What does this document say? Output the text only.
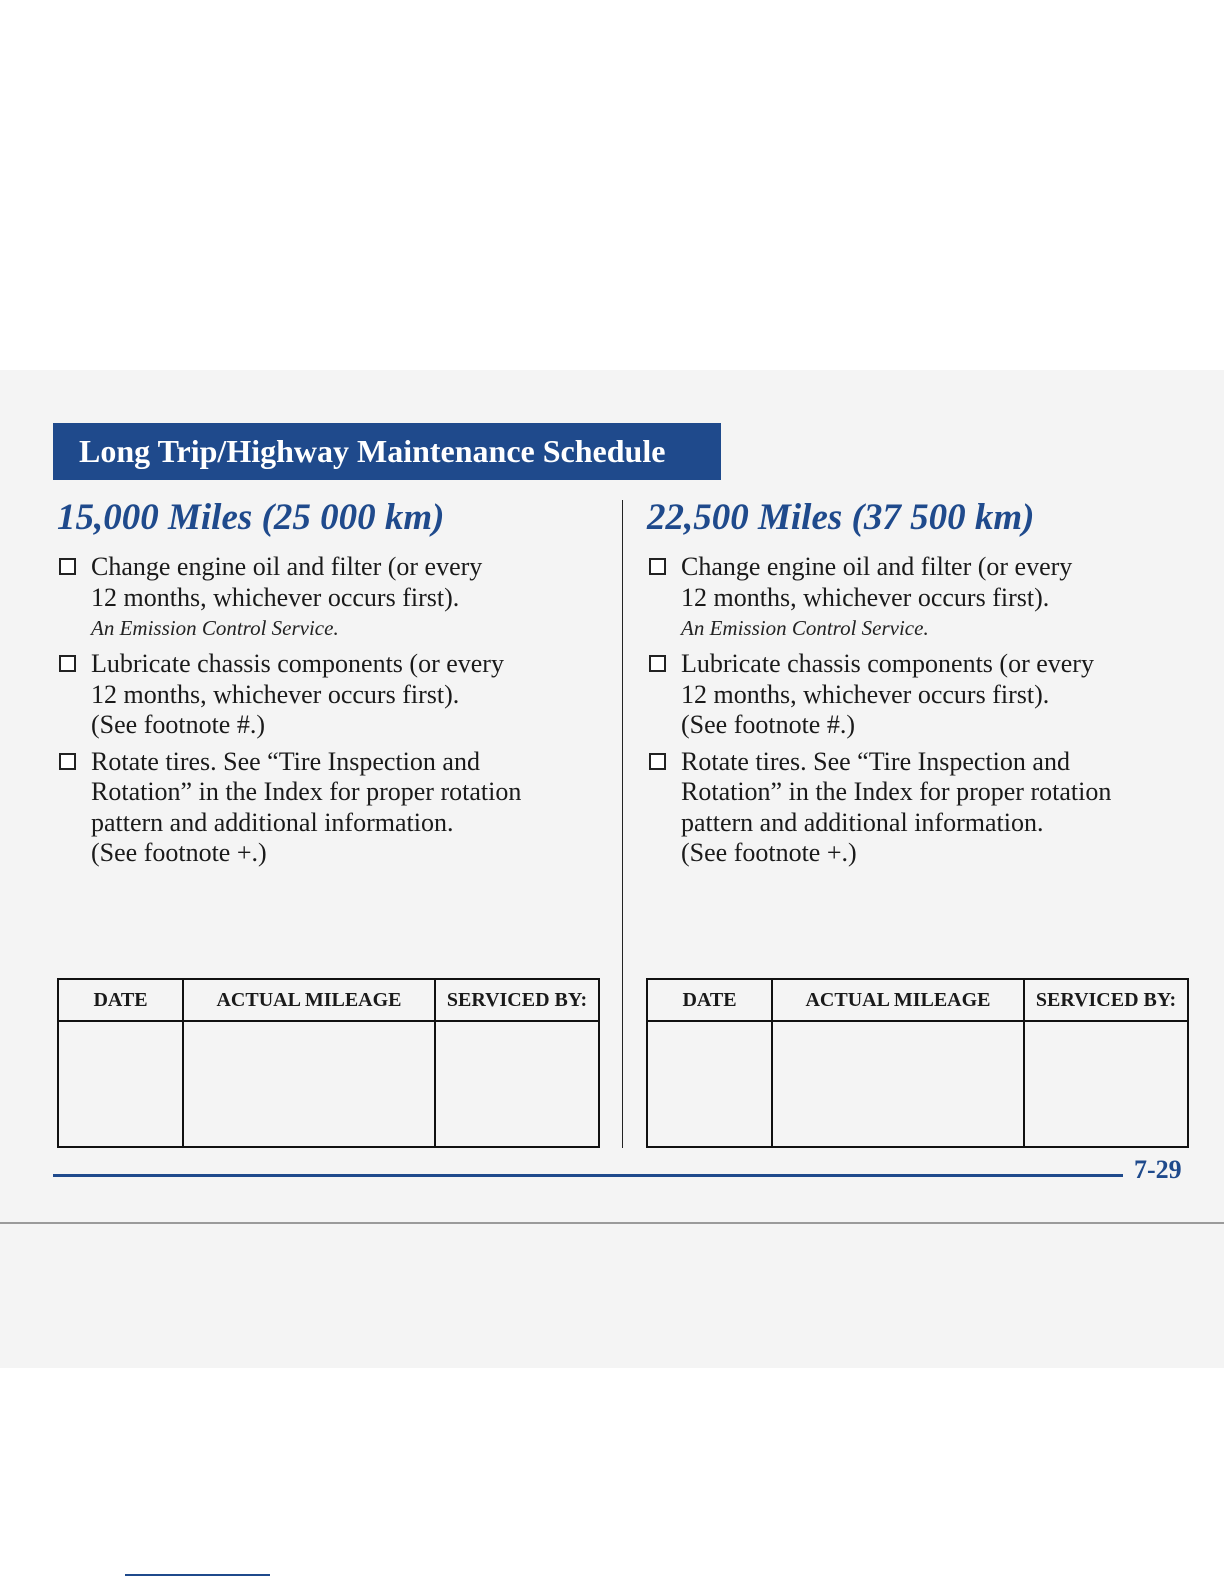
Long Trip/Highway Maintenance Schedule
15,000 Miles (25 000 km)
Change engine oil and filter (or every
12 months, whichever occurs first).
An Emission Control Service.
Lubricate chassis components (or every
12 months, whichever occurs first).
(See footnote #.)
Rotate tires. See “Tire Inspection and
Rotation” in the Index for proper rotation
pattern and additional information.
(See footnote +.)
DATE	ACTUAL MILEAGE	SERVICED BY:

22,500 Miles (37 500 km)
Change engine oil and filter (or every
12 months, whichever occurs first).
An Emission Control Service.
Lubricate chassis components (or every
12 months, whichever occurs first).
(See footnote #.)
Rotate tires. See “Tire Inspection and
Rotation” in the Index for proper rotation
pattern and additional information.
(See footnote +.)
DATE	ACTUAL MILEAGE	SERVICED BY:

7-29
